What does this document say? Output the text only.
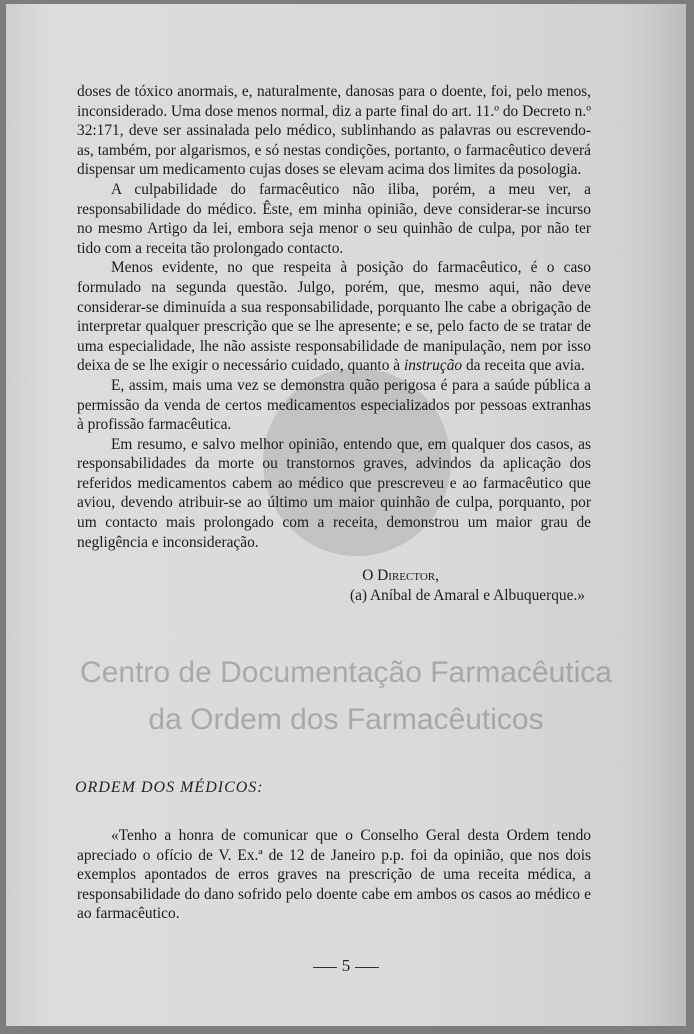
doses de tóxico anormais, e, naturalmente, danosas para o doente, foi, pelo menos, inconsiderado. Uma dose menos normal, diz a parte final do art. 11.º do Decreto n.º 32:171, deve ser assinalada pelo médico, sublinhando as palavras ou escrevendo-as, também, por algarismos, e só nestas condições, portanto, o farmacêutico deverá dispensar um medicamento cujas doses se elevam acima dos limites da posologia.

A culpabilidade do farmacêutico não iliba, porém, a meu ver, a responsabilidade do médico. Êste, em minha opinião, deve considerar-se incurso no mesmo Artigo da lei, embora seja menor o seu quinhão de culpa, por não ter tido com a receita tão prolongado contacto.

Menos evidente, no que respeita à posição do farmacêutico, é o caso formulado na segunda questão. Julgo, porém, que, mesmo aqui, não deve considerar-se diminuída a sua responsabilidade, porquanto lhe cabe a obrigação de interpretar qualquer prescrição que se lhe apresente; e se, pelo facto de se tratar de uma especialidade, lhe não assiste responsabilidade de manipulação, nem por isso deixa de se lhe exigir o necessário cuidado, quanto à instrução da receita que avia.

E, assim, mais uma vez se demonstra quão perigosa é para a saúde pública a permissão da venda de certos medicamentos especializados por pessoas extranhas à profissão farmacêutica.

Em resumo, e salvo melhor opinião, entendo que, em qualquer dos casos, as responsabilidades da morte ou transtornos graves, advindos da aplicação dos referidos medicamentos cabem ao médico que prescreveu e ao farmacêutico que aviou, devendo atribuir-se ao último um maior quinhão de culpa, porquanto, por um contacto mais prolongado com a receita, demonstrou um maior grau de negligência e inconsideração.

O Director,
(a) Aníbal de Amaral e Albuquerque.»
ORDEM DOS MÉDICOS:

«Tenho a honra de comunicar que o Conselho Geral desta Ordem tendo apreciado o ofício de V. Ex.ª de 12 de Janeiro p.p. foi da opinião, que nos dois exemplos apontados de erros graves na prescrição de uma receita médica, a responsabilidade do dano sofrido pelo doente cabe em ambos os casos ao médico e ao farmacêutico.

5
Centro de Documentação Farmacêutica
da Ordem dos Farmacêuticos
